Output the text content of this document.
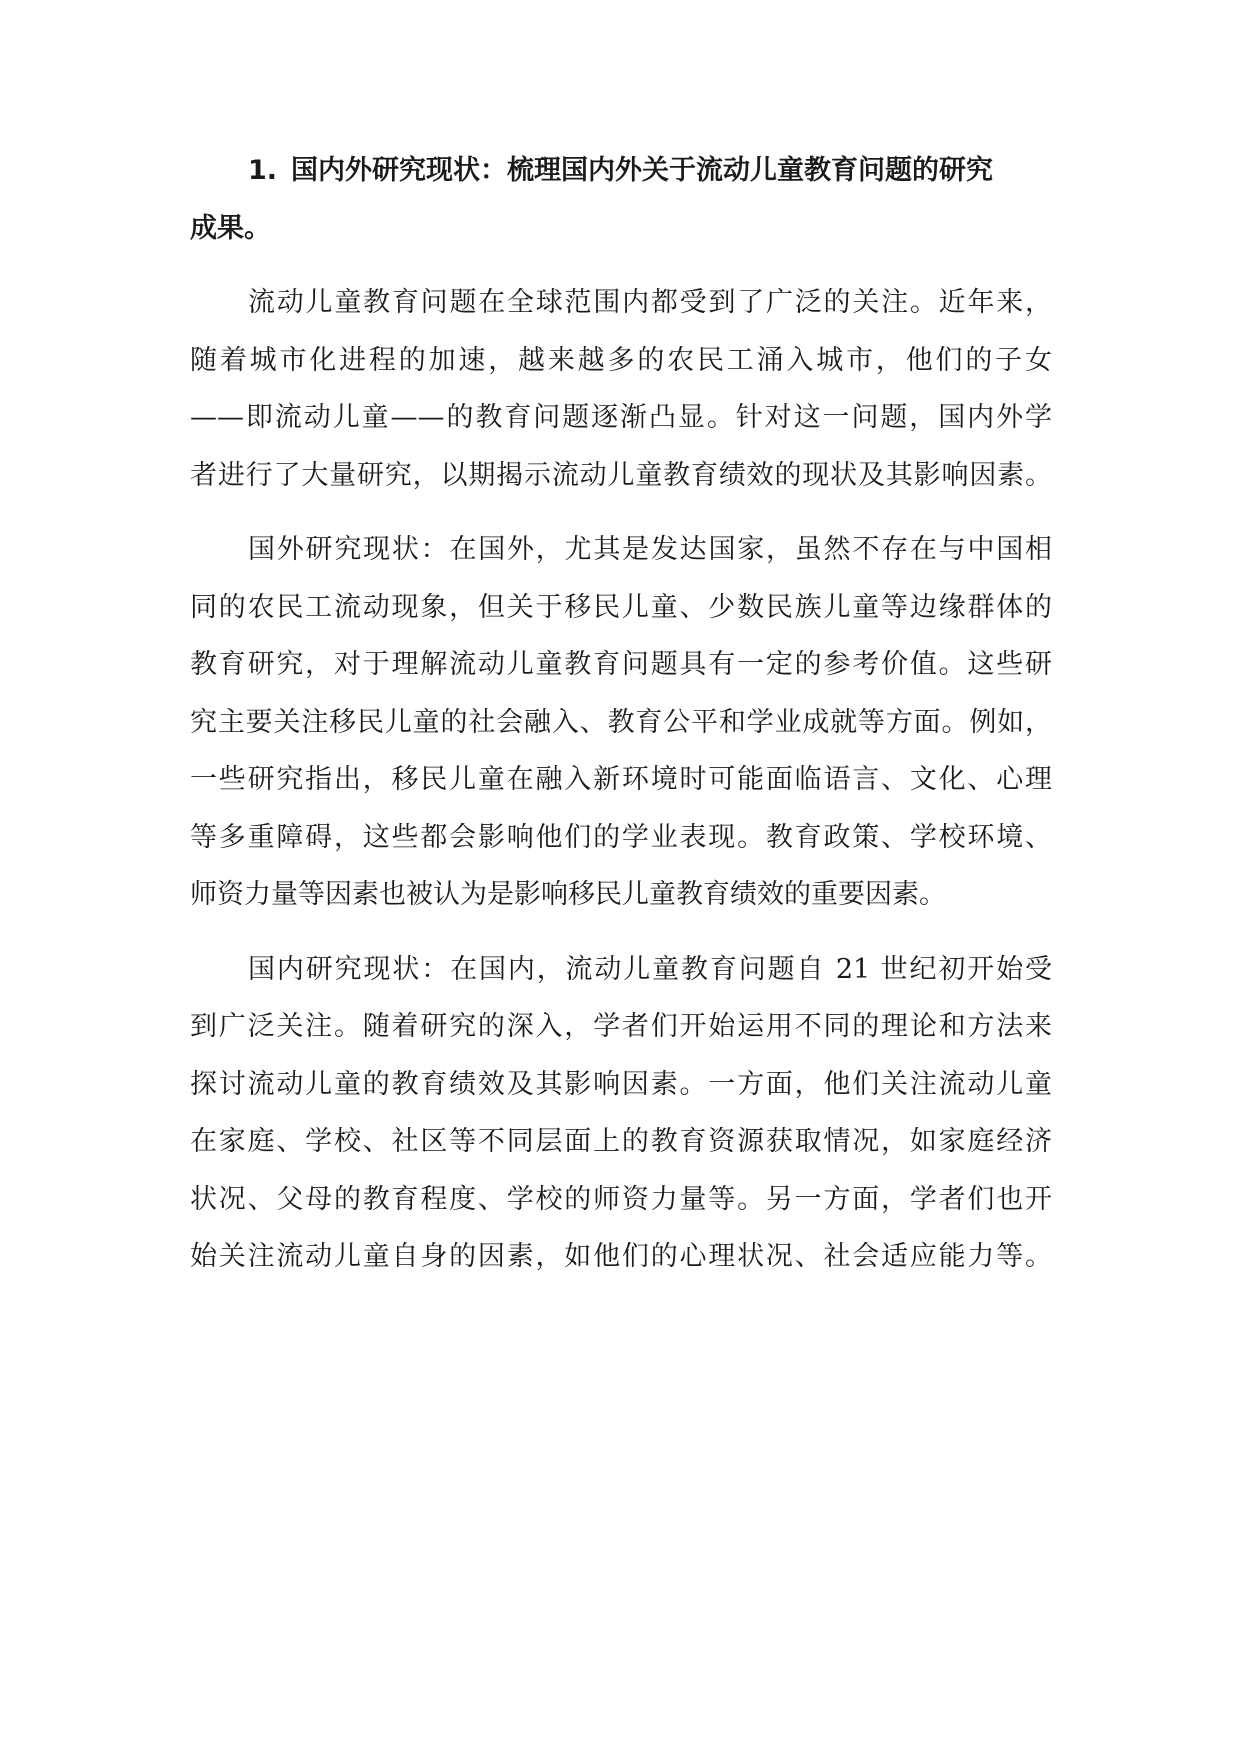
1. 国内外研究现状：梳理国内外关于流动儿童教育问题的研究
成果。
流动儿童教育问题在全球范围内都受到了广泛的关注。近年来，
随着城市化进程的加速，越来越多的农民工涌入城市，他们的子女
——即流动儿童——的教育问题逐渐凸显。针对这一问题，国内外学
者进行了大量研究，以期揭示流动儿童教育绩效的现状及其影响因素。
国外研究现状：在国外，尤其是发达国家，虽然不存在与中国相
同的农民工流动现象，但关于移民儿童、少数民族儿童等边缘群体的
教育研究，对于理解流动儿童教育问题具有一定的参考价值。这些研
究主要关注移民儿童的社会融入、教育公平和学业成就等方面。例如，
一些研究指出，移民儿童在融入新环境时可能面临语言、文化、心理
等多重障碍，这些都会影响他们的学业表现。教育政策、学校环境、
师资力量等因素也被认为是影响移民儿童教育绩效的重要因素。
国内研究现状：在国内，流动儿童教育问题自 21 世纪初开始受
到广泛关注。随着研究的深入，学者们开始运用不同的理论和方法来
探讨流动儿童的教育绩效及其影响因素。一方面，他们关注流动儿童
在家庭、学校、社区等不同层面上的教育资源获取情况，如家庭经济
状况、父母的教育程度、学校的师资力量等。另一方面，学者们也开
始关注流动儿童自身的因素，如他们的心理状况、社会适应能力等。
